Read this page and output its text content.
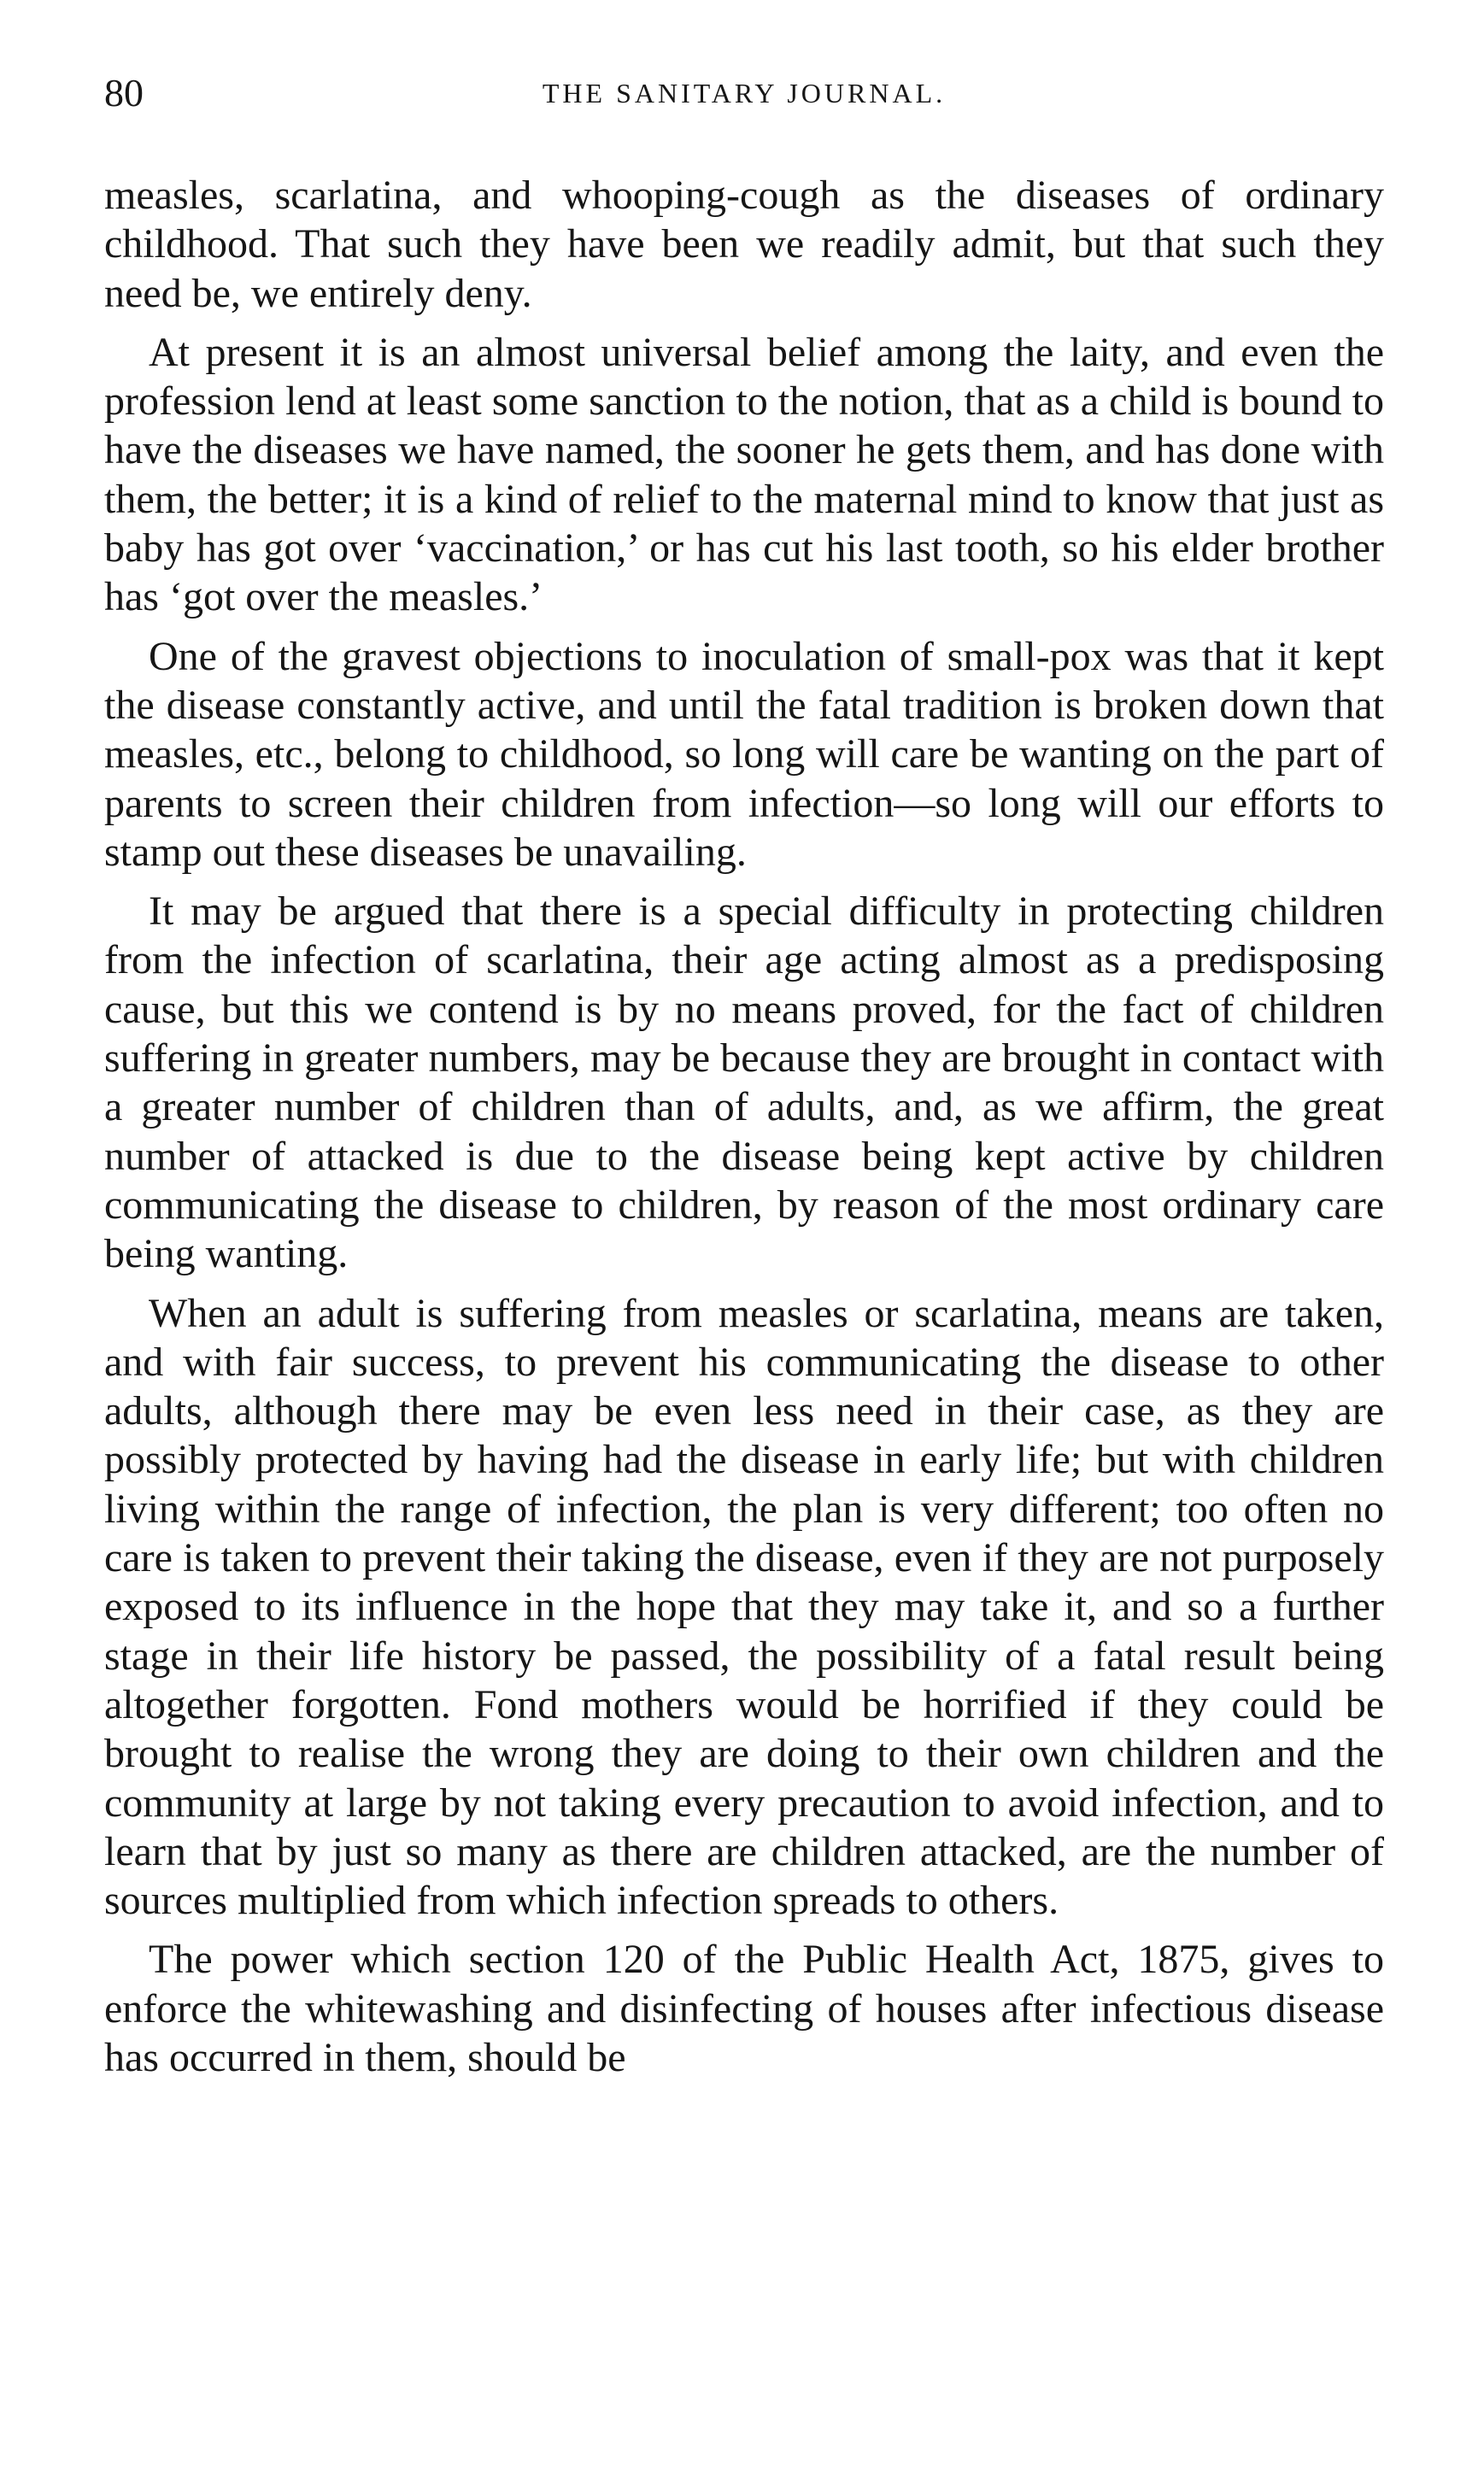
80	THE SANITARY JOURNAL.

measles, scarlatina, and whooping-cough as the diseases of ordinary childhood. That such they have been we readily admit, but that such they need be, we entirely deny.

At present it is an almost universal belief among the laity, and even the profession lend at least some sanction to the notion, that as a child is bound to have the diseases we have named, the sooner he gets them, and has done with them, the better; it is a kind of relief to the maternal mind to know that just as baby has got over ‘vaccination,’ or has cut his last tooth, so his elder brother has ‘got over the measles.’

One of the gravest objections to inoculation of small-pox was that it kept the disease constantly active, and until the fatal tradition is broken down that measles, etc., belong to childhood, so long will care be wanting on the part of parents to screen their children from infection—so long will our efforts to stamp out these diseases be unavailing.

It may be argued that there is a special difficulty in protecting children from the infection of scarlatina, their age acting almost as a predisposing cause, but this we contend is by no means proved, for the fact of children suffering in greater numbers, may be because they are brought in contact with a greater number of children than of adults, and, as we affirm, the great number of attacked is due to the disease being kept active by children communicating the disease to children, by reason of the most ordinary care being wanting.

When an adult is suffering from measles or scarlatina, means are taken, and with fair success, to prevent his communicating the disease to other adults, although there may be even less need in their case, as they are possibly protected by having had the disease in early life; but with children living within the range of infection, the plan is very different; too often no care is taken to prevent their taking the disease, even if they are not purposely exposed to its influence in the hope that they may take it, and so a further stage in their life history be passed, the possibility of a fatal result being altogether forgotten. Fond mothers would be horrified if they could be brought to realise the wrong they are doing to their own children and the community at large by not taking every precaution to avoid infection, and to learn that by just so many as there are children attacked, are the number of sources multiplied from which infection spreads to others.

The power which section 120 of the Public Health Act, 1875, gives to enforce the whitewashing and disinfecting of houses after infectious disease has occurred in them, should be
